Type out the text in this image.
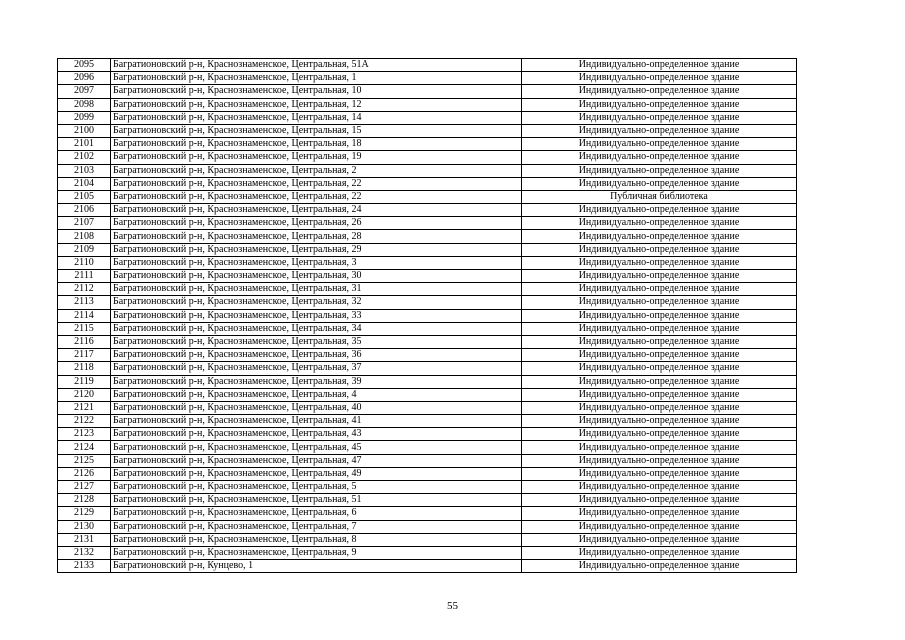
2095	Багратионовский р-н, Краснознаменское, Центральная, 51А	Индивидуально-определенное здание
2096	Багратионовский р-н, Краснознаменское, Центральная, 1	Индивидуально-определенное здание
2097	Багратионовский р-н, Краснознаменское, Центральная, 10	Индивидуально-определенное здание
2098	Багратионовский р-н, Краснознаменское, Центральная, 12	Индивидуально-определенное здание
2099	Багратионовский р-н, Краснознаменское, Центральная, 14	Индивидуально-определенное здание
2100	Багратионовский р-н, Краснознаменское, Центральная, 15	Индивидуально-определенное здание
2101	Багратионовский р-н, Краснознаменское, Центральная, 18	Индивидуально-определенное здание
2102	Багратионовский р-н, Краснознаменское, Центральная, 19	Индивидуально-определенное здание
2103	Багратионовский р-н, Краснознаменское, Центральная, 2	Индивидуально-определенное здание
2104	Багратионовский р-н, Краснознаменское, Центральная, 22	Индивидуально-определенное здание
2105	Багратионовский р-н, Краснознаменское, Центральная, 22	Публичная библиотека
2106	Багратионовский р-н, Краснознаменское, Центральная, 24	Индивидуально-определенное здание
2107	Багратионовский р-н, Краснознаменское, Центральная, 26	Индивидуально-определенное здание
2108	Багратионовский р-н, Краснознаменское, Центральная, 28	Индивидуально-определенное здание
2109	Багратионовский р-н, Краснознаменское, Центральная, 29	Индивидуально-определенное здание
2110	Багратионовский р-н, Краснознаменское, Центральная, 3	Индивидуально-определенное здание
2111	Багратионовский р-н, Краснознаменское, Центральная, 30	Индивидуально-определенное здание
2112	Багратионовский р-н, Краснознаменское, Центральная, 31	Индивидуально-определенное здание
2113	Багратионовский р-н, Краснознаменское, Центральная, 32	Индивидуально-определенное здание
2114	Багратионовский р-н, Краснознаменское, Центральная, 33	Индивидуально-определенное здание
2115	Багратионовский р-н, Краснознаменское, Центральная, 34	Индивидуально-определенное здание
2116	Багратионовский р-н, Краснознаменское, Центральная, 35	Индивидуально-определенное здание
2117	Багратионовский р-н, Краснознаменское, Центральная, 36	Индивидуально-определенное здание
2118	Багратионовский р-н, Краснознаменское, Центральная, 37	Индивидуально-определенное здание
2119	Багратионовский р-н, Краснознаменское, Центральная, 39	Индивидуально-определенное здание
2120	Багратионовский р-н, Краснознаменское, Центральная, 4	Индивидуально-определенное здание
2121	Багратионовский р-н, Краснознаменское, Центральная, 40	Индивидуально-определенное здание
2122	Багратионовский р-н, Краснознаменское, Центральная, 41	Индивидуально-определенное здание
2123	Багратионовский р-н, Краснознаменское, Центральная, 43	Индивидуально-определенное здание
2124	Багратионовский р-н, Краснознаменское, Центральная, 45	Индивидуально-определенное здание
2125	Багратионовский р-н, Краснознаменское, Центральная, 47	Индивидуально-определенное здание
2126	Багратионовский р-н, Краснознаменское, Центральная, 49	Индивидуально-определенное здание
2127	Багратионовский р-н, Краснознаменское, Центральная, 5	Индивидуально-определенное здание
2128	Багратионовский р-н, Краснознаменское, Центральная, 51	Индивидуально-определенное здание
2129	Багратионовский р-н, Краснознаменское, Центральная, 6	Индивидуально-определенное здание
2130	Багратионовский р-н, Краснознаменское, Центральная, 7	Индивидуально-определенное здание
2131	Багратионовский р-н, Краснознаменское, Центральная, 8	Индивидуально-определенное здание
2132	Багратионовский р-н, Краснознаменское, Центральная, 9	Индивидуально-определенное здание
2133	Багратионовский р-н, Кунцево, 1	Индивидуально-определенное здание
55
